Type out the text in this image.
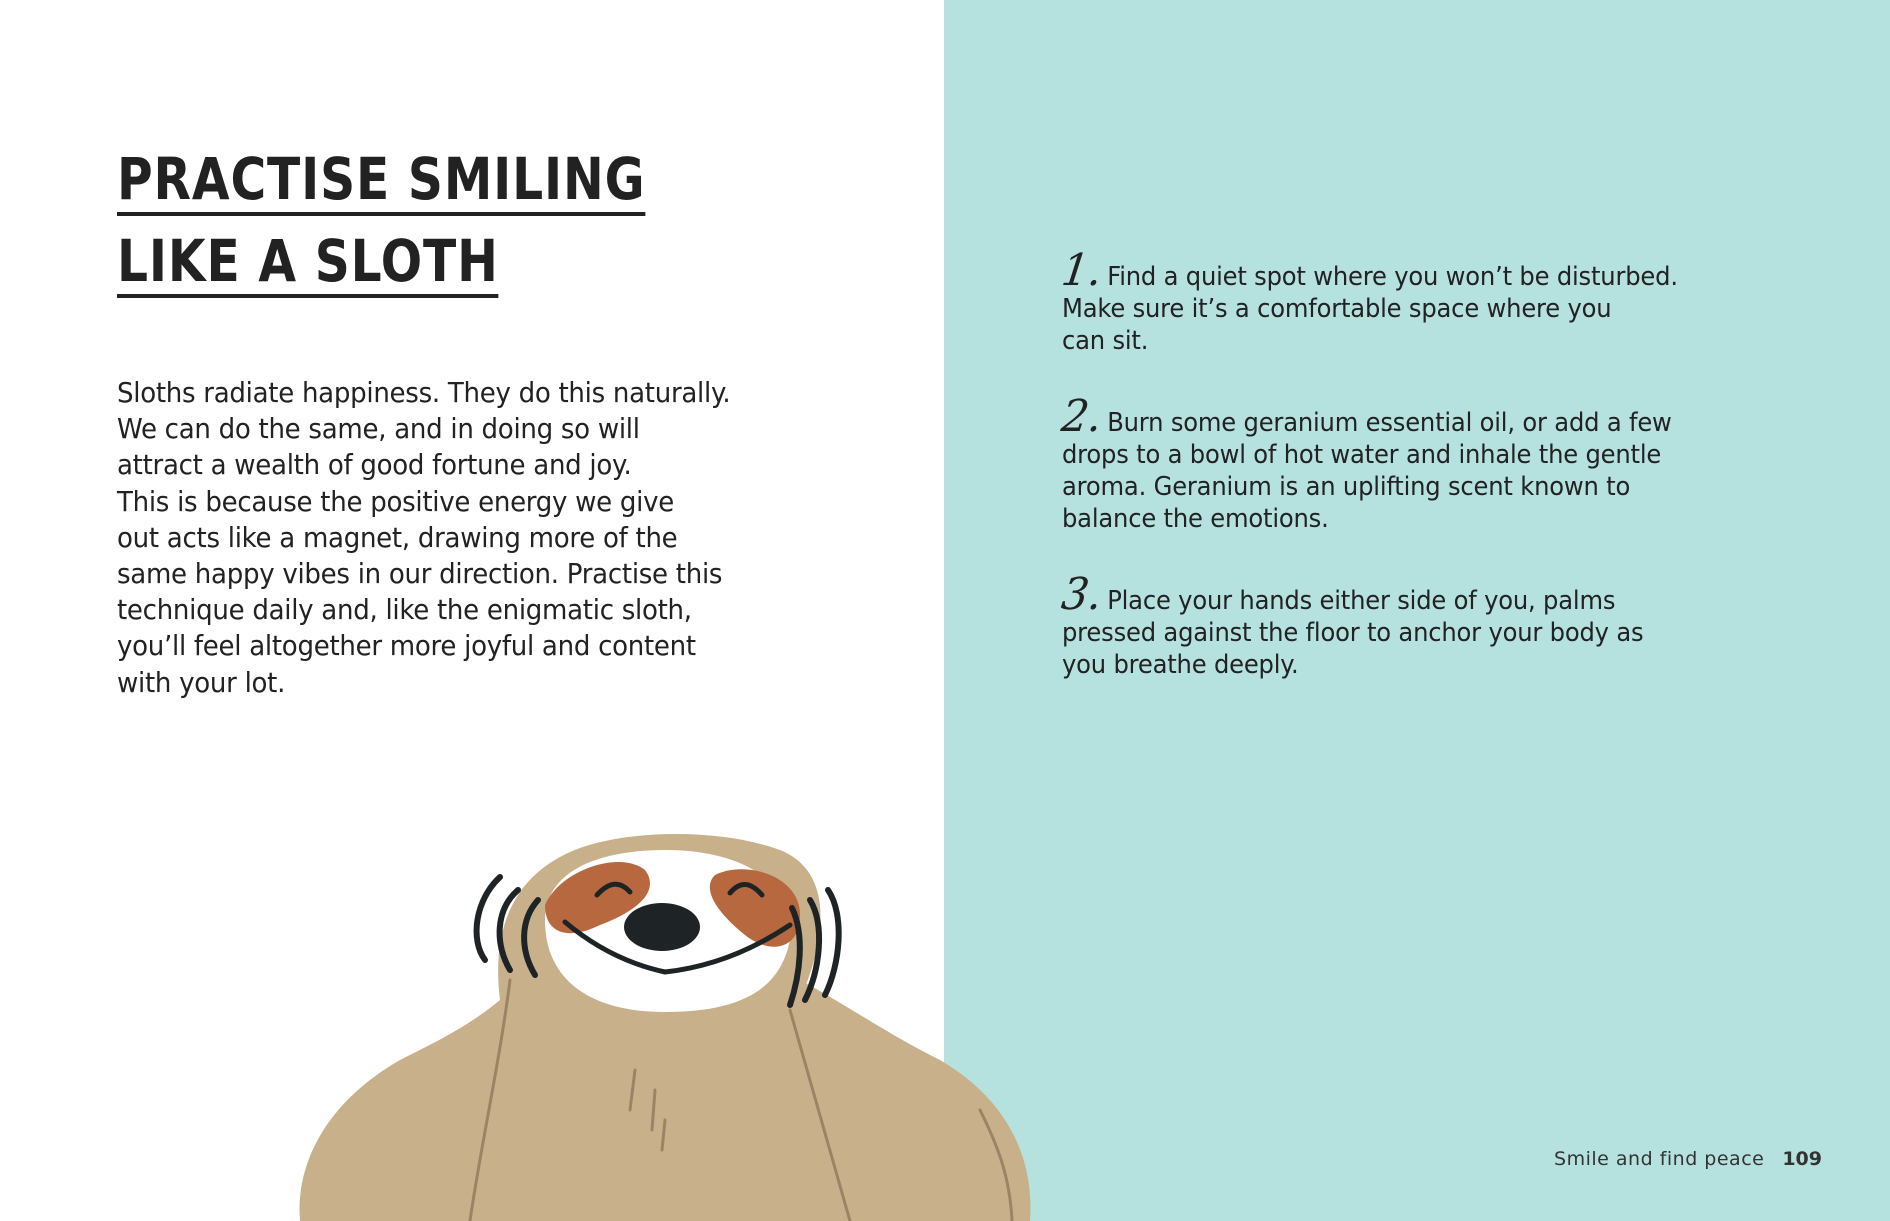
PRACTISE SMILING
LIKE A SLOTH

Sloths radiate happiness. They do this naturally.
We can do the same, and in doing so will
attract a wealth of good fortune and joy.
This is because the positive energy we give
out acts like a magnet, drawing more of the
same happy vibes in our direction. Practise this
technique daily and, like the enigmatic sloth,
you’ll feel altogether more joyful and content
with your lot.

1.Find a quiet spot where you won’t be disturbed.
Make sure it’s a comfortable space where you
can sit.
2.Burn some geranium essential oil, or add a few
drops to a bowl of hot water and inhale the gentle
aroma. Geranium is an uplifting scent known to
balance the emotions.
3.Place your hands either side of you, palms
pressed against the floor to anchor your body as
you breathe deeply.
Smile and find peace 109
